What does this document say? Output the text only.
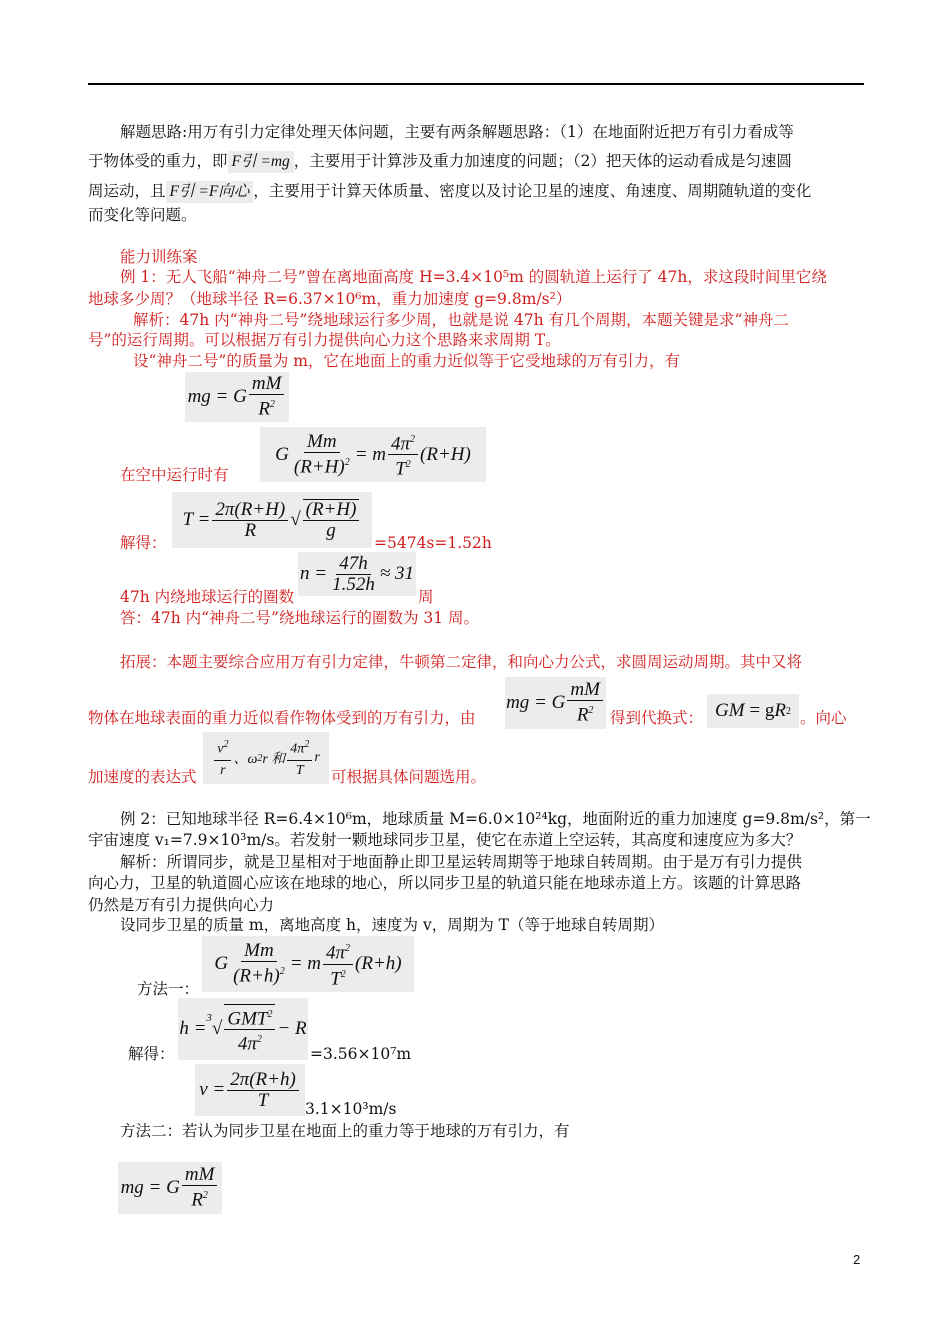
解题思路:用万有引力定律处理天体问题，主要有两条解题思路：（1）在地面附近把万有引力看成等
于物体受的重力，即 F引 =mg ，主要用于计算涉及重力加速度的问题；（2）把天体的运动看成是匀速圆
周运动，且 F引 =F向心 ，主要用于计算天体质量、密度以及讨论卫星的速度、角速度、周期随轨道的变化
而变化等问题。
能力训练案
例 1：无人飞船“神舟二号”曾在离地面高度 H=3.4×10⁵m 的圆轨道上运行了 47h，求这段时间里它绕
地球多少周？（地球半径 R=6.37×10⁶m，重力加速度 g=9.8m/s²）
解析：47h 内“神舟二号”绕地球运行多少周，也就是说 47h 有几个周期，本题关键是求“神舟二
号”的运行周期。可以根据万有引力提供向心力这个思路来求周期 T。
设“神舟二号”的质量为 m，它在地面上的重力近似等于它受地球的万有引力，有
mg = G $\frac{mM}{R^2}$
G $\frac{Mm}{(R+H)^2} = m \frac{4\pi^2}{T^2} (R+H)$
在空中运行时有
$T = \frac{2\pi(R+H)}{R}$ √ $\frac{(R+H)}{g}$
解得：	=5474s=1.52h
$n = \frac{47h}{1.52h} \approx 31$
47h 内绕地球运行的圈数	周
答：47h 内“神舟二号”绕地球运行的圈数为 31 周。
拓展：本题主要综合应用万有引力定律，牛顿第二定律，和向心力公式，求圆周运动周期。其中又将
物体在地球表面的重力近似看作物体受到的万有引力，由
mg = G $\frac{mM}{R^2}$ 得到代换式： GM = g R 2 。向心
加速度的表达式 $\frac{v^2}{r}$ 、ω 2 r 和 $\frac{4\pi^2}{T}$ r
可根据具体问题选用。
例 2：已知地球半径 R=6.4×10⁶m，地球质量 M=6.0×10²⁴kg，地面附近的重力加速度 g=9.8m/s²，第一
宇宙速度 v₁=7.9×10³m/s。若发射一颗地球同步卫星，使它在赤道上空运转，其高度和速度应为多大？
解析：所谓同步，就是卫星相对于地面静止即卫星运转周期等于地球自转周期。由于是万有引力提供
向心力，卫星的轨道圆心应该在地球的地心，所以同步卫星的轨道只能在地球赤道上方。该题的计算思路
仍然是万有引力提供向心力
设同步卫星的质量 m，离地高度 h，速度为 v，周期为 T（等于地球自转周期）
G $\frac{Mm}{(R+h)^2} = m \frac{4\pi^2}{T^2} (R+h)$
方法一：
h = 3 √ $\frac{GMT^2}{4\pi^2} - R$
解得：	=3.56×10⁷m
$v = \frac{2\pi(R+h)}{T} 3.1\times 10^3m/s$
方法二：若认为同步卫星在地面上的重力等于地球的万有引力，有
mg = G $\frac{mM}{R^2}$
2
